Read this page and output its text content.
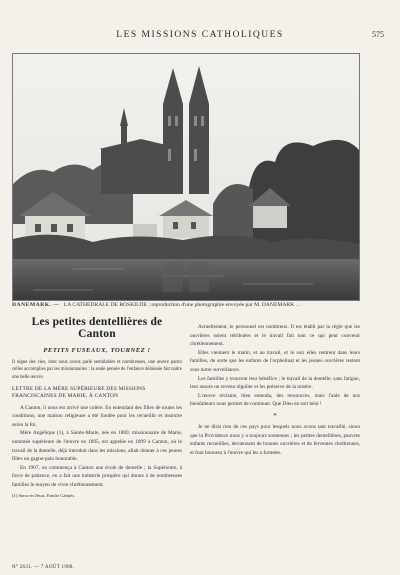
LES MISSIONS CATHOLIQUES	575
DANEMARK. — LA CATHÉDRALE DE ROSKILDE ; reproduction d'une photographie envoyée par M. DANEMARK …
Les petites dentellières de Canton
PETITS FUSEAUX, TOURNEZ !

Il règne des vies, dont nous avons parlé semblables et nombreuses, une œuvre parmi celles accomplies par les missionnaires : la seule pensée de l'enfance délaissée fait naître une belle œuvre.

LETTRE DE LA MÈRE SUPÉRIEURE DES MISSIONS FRANCISCAINES DE MARIE, À CANTON

A Canton, il nous est arrivé une colère. En entendant des filles de toutes les conditions, une maison religieuse a été fondée pour les recueillir et instruire selon la foi.

Mère Angélique (1), à Sainte-Marie, née en 1869, missionnaire de Marie, nommée supérieure de l'œuvre en 1895, est appelée en 1899 à Canton, où le travail de la dentelle, déjà introduit dans les missions, allait donner à ces jeunes filles un gagne-pain honorable.

En 1907, on commença à Canton une école de dentelle ; la Supérieure, à force de patience, en a fait une industrie prospère qui donne à de nombreuses familles le moyen de vivre chrétiennement.

(1) Sœur en Jésus, Emilie Calmès.

Actuellement, le personnel est nombreux. Il est établi par la règle que les ouvrières soient rétribuées et le travail fait tout ce qui peut convenir chrétiennement.

Elles viennent le matin, et au travail, et le soir elles rentrent dans leurs familles, de sorte que les enfants de l'orphelinat et les jeunes ouvrières restent sous notre surveillance.

Les familles y trouvent leur bénéfice ; le travail de la dentelle, sans fatigue, leur assure un revenu régulier et les préserve de la misère.

L'œuvre réclame, bien entendu, des ressources, mais l'aide de nos bienfaiteurs nous permet de continuer. Que Dieu en soit béni !

*

Je ne dirai rien de ces pays pour lesquels nous avons tant travaillé, sinon que la Providence nous y a toujours soutenues ; les petites dentellières, pauvres enfants recueillies, deviennent de bonnes ouvrières et de ferventes chrétiennes, et font honneur à l'œuvre qui les a formées.

N° 2631. — 7 AOÛT 1908.
